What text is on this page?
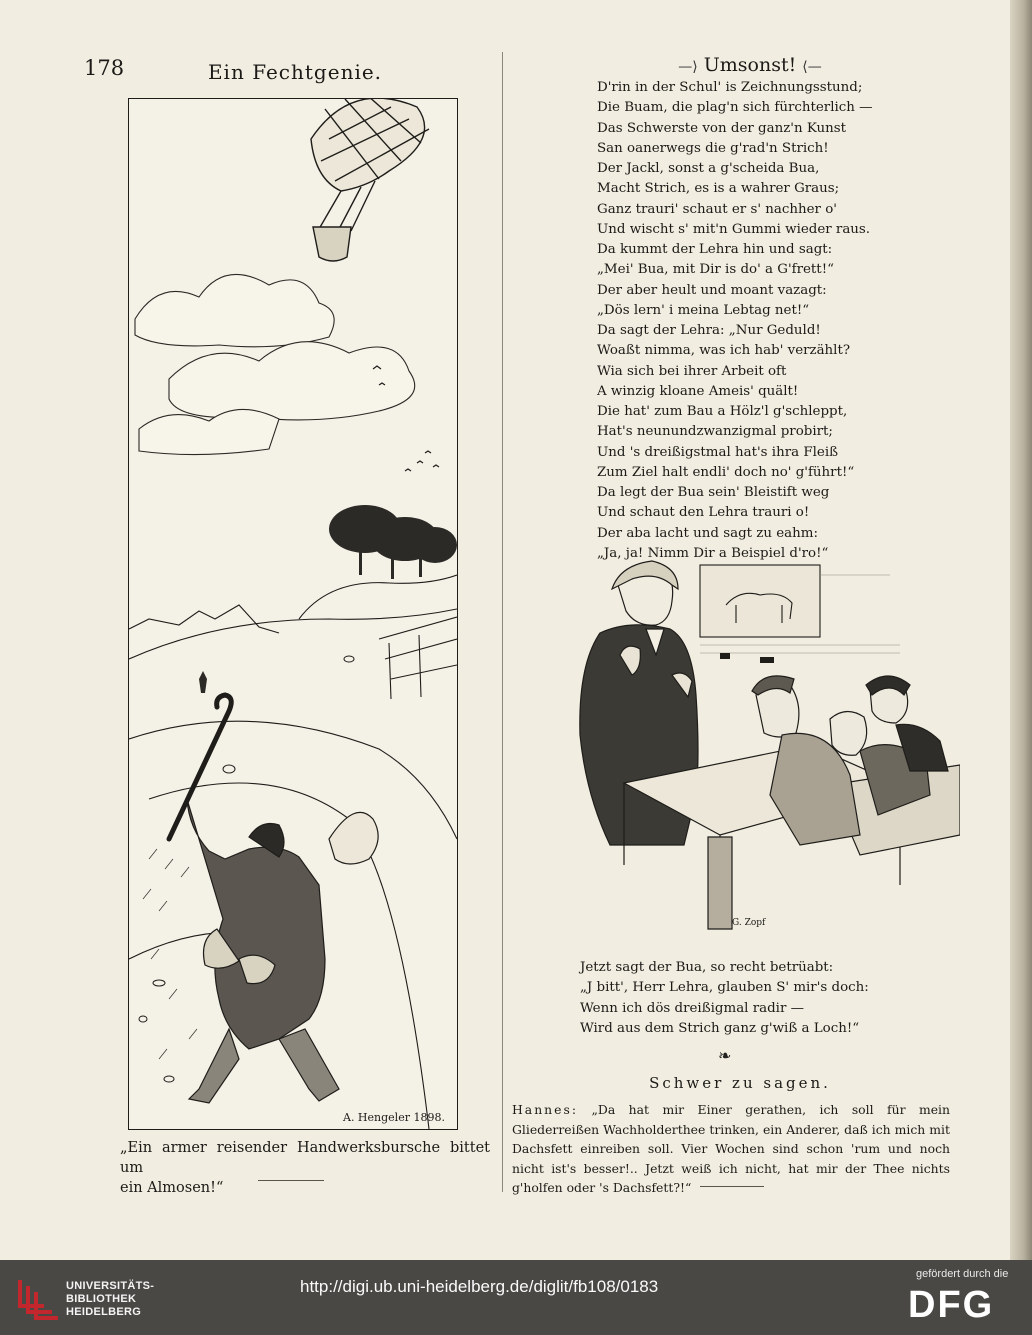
178	Ein Fechtgenie.
A. Hengeler 1898.

„Ein armer reisender Handwerksbursche bittet um

ein Almosen!“

—⟩ Umsonst! ⟨—
D'rin in der Schul' is Zeichnungsstund;
Die Buam, die plag'n sich fürchterlich —
Das Schwerste von der ganz'n Kunst
San oanerwegs die g'rad'n Strich!
Der Jackl, sonst a g'scheida Bua,
Macht Strich, es is a wahrer Graus;
Ganz trauri' schaut er s' nachher o'
Und wischt s' mit'n Gummi wieder raus.
Da kummt der Lehra hin und sagt:
„Mei' Bua, mit Dir is do' a G'frett!“
Der aber heult und moant vazagt:
„Dös lern' i meina Lebtag net!“
Da sagt der Lehra: „Nur Geduld!
Woaßt nimma, was ich hab' verzählt?
Wia sich bei ihrer Arbeit oft
A winzig kloane Ameis' quält!
Die hat' zum Bau a Hölz'l g'schleppt,
Hat's neunundzwanzigmal probirt;
Und 's dreißigstmal hat's ihra Fleiß
Zum Ziel halt endli' doch no' g'führt!“
Da legt der Bua sein' Bleistift weg
Und schaut den Lehra trauri o!
Der aba lacht und sagt zu eahm:
„Ja, ja! Nimm Dir a Beispiel d'ro!“
G. Zopf
Jetzt sagt der Bua, so recht betrüabt:
„J bitt', Herr Lehra, glauben S' mir's doch:
Wenn ich dös dreißigmal radir —
Wird aus dem Strich ganz g'wiß a Loch!“
❧
Schwer zu sagen.
Hannes: „Da hat mir Einer gerathen, ich soll für mein Gliederreißen Wachholderthee trinken, ein Anderer, daß ich mich mit Dachsfett einreiben soll. Vier Wochen sind schon 'rum und noch nicht ist's besser!.. Jetzt weiß ich nicht, hat mir der Thee nichts g'holfen oder 's Dachsfett?!“
UNIVERSITÄTS-
BIBLIOTHEK
HEIDELBERG
http://digi.ub.uni-heidelberg.de/diglit/fb108/0183
gefördert durch die
DFG
